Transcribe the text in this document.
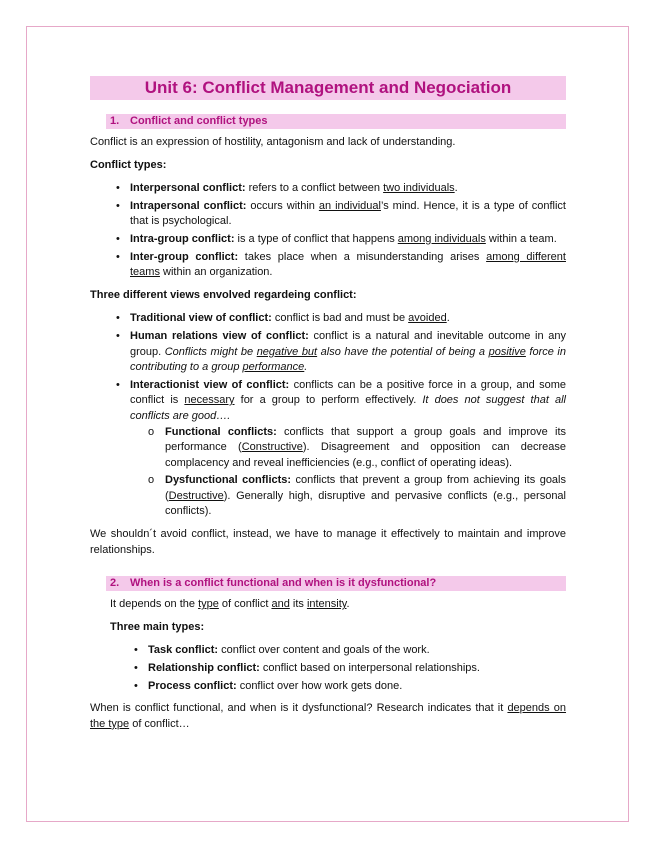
Unit 6: Conflict Management and Negociation
1. Conflict and conflict types

Conflict is an expression of hostility, antagonism and lack of understanding.

Conflict types:

• Interpersonal conflict: refers to a conflict between two individuals.
• Intrapersonal conflict: occurs within an individual’s mind. Hence, it is a type of conflict that is psychological.
• Intra-group conflict: is a type of conflict that happens among individuals within a team.
• Inter-group conflict: takes place when a misunderstanding arises among different teams within an organization.

Three different views envolved regardeing conflict:

• Traditional view of conflict: conflict is bad and must be avoided.
• Human relations view of conflict: conflict is a natural and inevitable outcome in any group. Conflicts might be negative but also have the potential of being a positive force in contributing to a group performance.
• Interactionist view of conflict: conflicts can be a positive force in a group, and some conflict is necessary for a group to perform effectively. It does not suggest that all conflicts are good….
o Functional conflicts: conflicts that support a group goals and improve its performance (Constructive). Disagreement and opposition can decrease complacency and reveal inefficiencies (e.g., conflict of operating ideas).
o Dysfunctional conflicts: conflicts that prevent a group from achieving its goals (Destructive). Generally high, disruptive and pervasive conflicts (e.g., personal conflicts).

We shouldn´t avoid conflict, instead, we have to manage it effectively to maintain and improve relationships.

2. When is a conflict functional and when is it dysfunctional?

It depends on the type of conflict and its intensity.

Three main types:

• Task conflict: conflict over content and goals of the work.
• Relationship conflict: conflict based on interpersonal relationships.
• Process conflict: conflict over how work gets done.

When is conflict functional, and when is it dysfunctional? Research indicates that it depends on the type of conflict…
